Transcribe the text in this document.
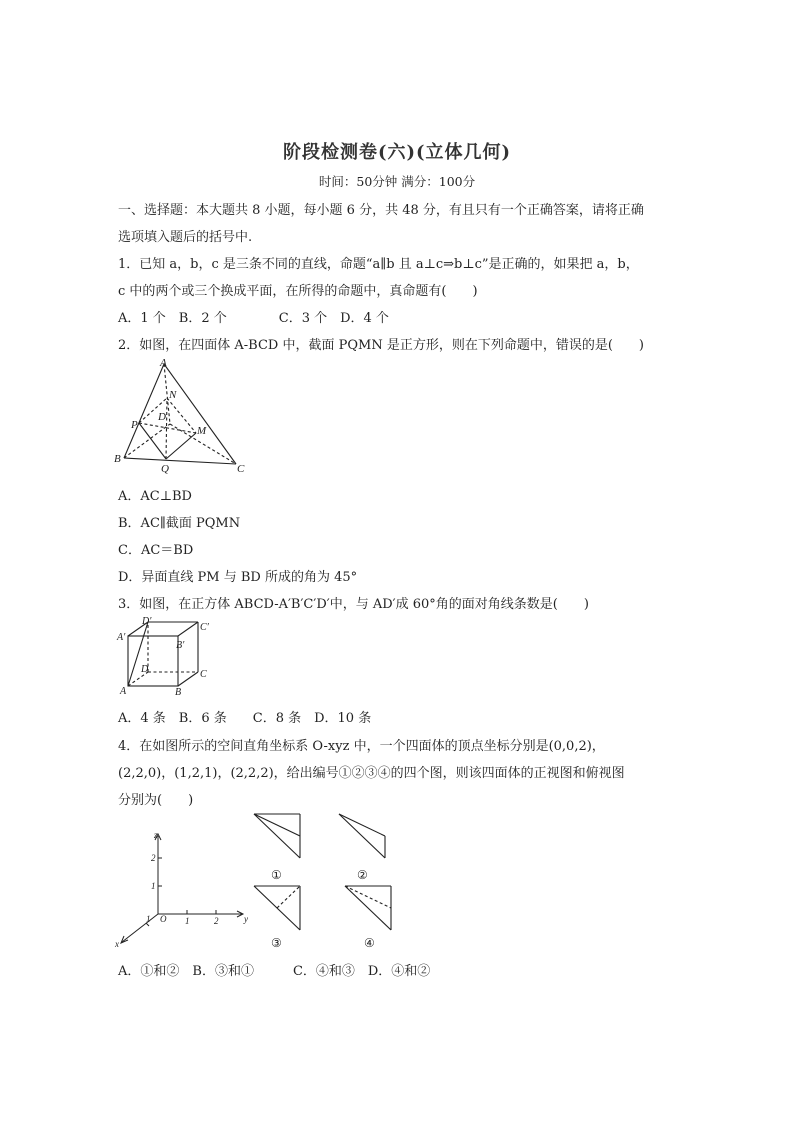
阶段检测卷(六)(立体几何)
时间：50分钟 满分：100分
一、选择题：本大题共 8 小题，每小题 6 分，共 48 分，有且只有一个正确答案，请将正确
选项填入题后的括号中.
1．已知 a，b，c 是三条不同的直线，命题“a∥b 且 a⊥c⇒b⊥c”是正确的，如果把 a，b，
c 中的两个或三个换成平面，在所得的命题中，真命题有(　　)
A．1 个　B．2 个　　　　C．3 个　D．4 个
2．如图，在四面体 A-BCD 中，截面 PQMN 是正方形，则在下列命题中，错误的是(　　)
A
B
C
D
P
Q
M
N
A．AC⊥BD
B．AC∥截面 PQMN
C．AC＝BD
D．异面直线 PM 与 BD 所成的角为 45°
3．如图，在正方体 ABCD-A′B′C′D′中，与 AD′成 60°角的面对角线条数是(　　)
A	B
C
D
A′
B′
C′
D′
A．4 条　B．6 条　　C．8 条　D．10 条
4．在如图所示的空间直角坐标系 O-xyz 中，一个四面体的顶点坐标分别是(0,0,2)，
(2,2,0)，(1,2,1)，(2,2,2)，给出编号①②③④的四个图，则该四面体的正视图和俯视图
分别为(　　)
z
y
x
O 1	2
1
2
1
①	②
③	④
A．①和②　B．③和①　　　C．④和③　D．④和②
